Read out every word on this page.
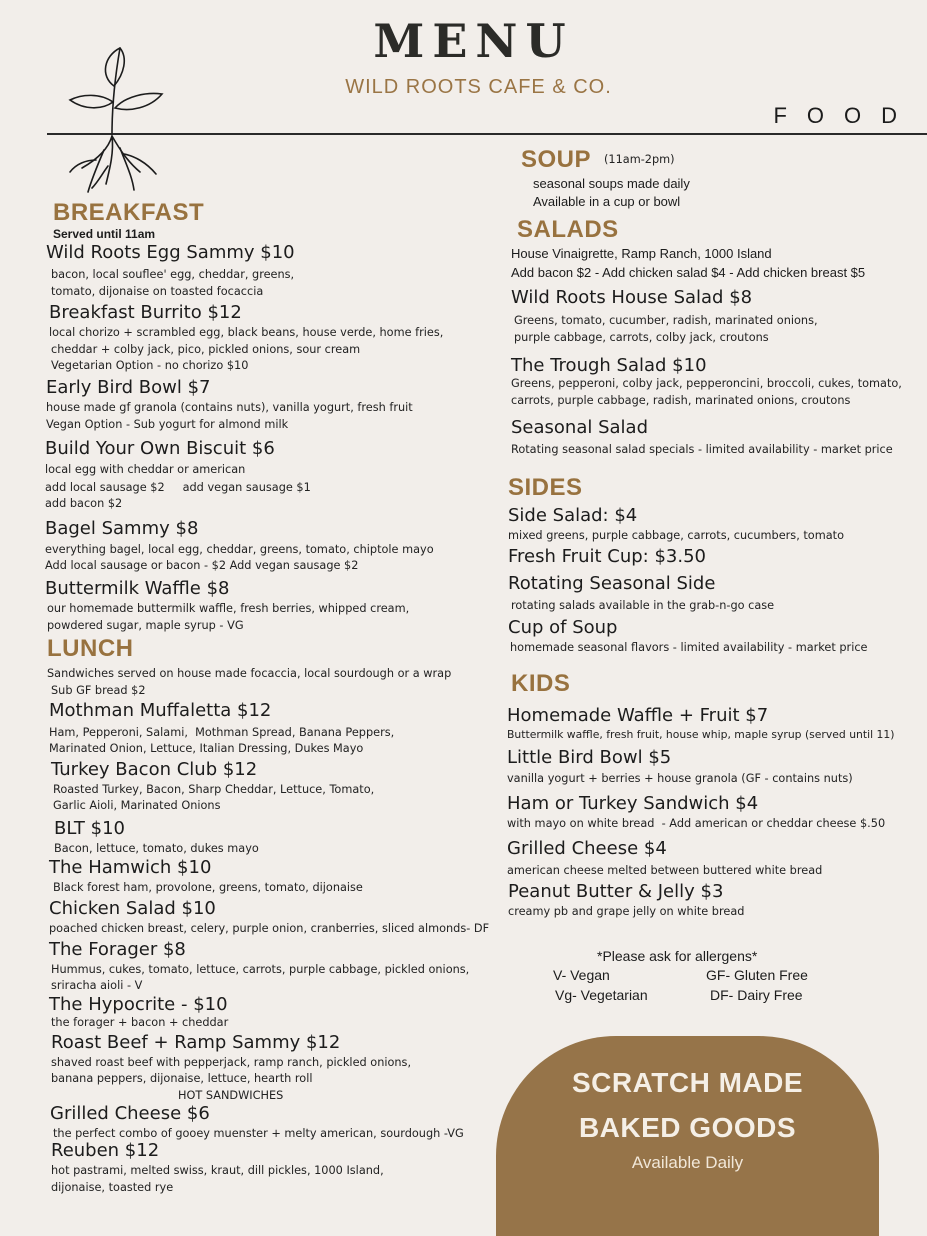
MENU
WILD ROOTS CAFE & CO.
FOOD
BREAKFAST
Served until 11am
Wild Roots Egg Sammy $10
bacon, local souflee' egg, cheddar, greens,
tomato, dijonaise on toasted focaccia
Breakfast Burrito $12
local chorizo + scrambled egg, black beans, house verde, home fries,
cheddar + colby jack, pico, pickled onions, sour cream
Vegetarian Option - no chorizo $10
Early Bird Bowl $7
house made gf granola (contains nuts), vanilla yogurt, fresh fruit
Vegan Option - Sub yogurt for almond milk
Build Your Own Biscuit $6
local egg with cheddar or american
add local sausage $2     add vegan sausage $1
add bacon $2
Bagel Sammy $8
everything bagel, local egg, cheddar, greens, tomato, chiptole mayo
Add local sausage or bacon - $2 Add vegan sausage $2
Buttermilk Waffle $8
our homemade buttermilk waffle, fresh berries, whipped cream,
powdered sugar, maple syrup - VG
LUNCH
Sandwiches served on house made focaccia, local sourdough or a wrap
Sub GF bread $2
Mothman Muffaletta $12
Ham, Pepperoni, Salami,  Mothman Spread, Banana Peppers,
Marinated Onion, Lettuce, Italian Dressing, Dukes Mayo
Turkey Bacon Club $12
Roasted Turkey, Bacon, Sharp Cheddar, Lettuce, Tomato,
Garlic Aioli, Marinated Onions
BLT $10
Bacon, lettuce, tomato, dukes mayo
The Hamwich $10
Black forest ham, provolone, greens, tomato, dijonaise
Chicken Salad $10
poached chicken breast, celery, purple onion, cranberries, sliced almonds- DF
The Forager $8
Hummus, cukes, tomato, lettuce, carrots, purple cabbage, pickled onions,
sriracha aioli - V
The Hypocrite - $10
the forager + bacon + cheddar
Roast Beef + Ramp Sammy $12
shaved roast beef with pepperjack, ramp ranch, pickled onions,
banana peppers, dijonaise, lettuce, hearth roll
HOT SANDWICHES
Grilled Cheese $6
the perfect combo of gooey muenster + melty american, sourdough -VG
Reuben $12
hot pastrami, melted swiss, kraut, dill pickles, 1000 Island,
dijonaise, toasted rye
SOUP (11am-2pm)
seasonal soups made daily
Available in a cup or bowl
SALADS
House Vinaigrette, Ramp Ranch, 1000 Island
Add bacon $2 - Add chicken salad $4 - Add chicken breast $5
Wild Roots House Salad $8
Greens, tomato, cucumber, radish, marinated onions,
purple cabbage, carrots, colby jack, croutons
The Trough Salad $10
Greens, pepperoni, colby jack, pepperoncini, broccoli, cukes, tomato,
carrots, purple cabbage, radish, marinated onions, croutons
Seasonal Salad
Rotating seasonal salad specials - limited availability - market price
SIDES
Side Salad: $4
mixed greens, purple cabbage, carrots, cucumbers, tomato
Fresh Fruit Cup: $3.50
Rotating Seasonal Side
rotating salads available in the grab-n-go case
Cup of Soup
homemade seasonal flavors - limited availability - market price
KIDS
Homemade Waffle + Fruit $7
Buttermilk waffle, fresh fruit, house whip, maple syrup (served until 11)
Little Bird Bowl $5
vanilla yogurt + berries + house granola (GF - contains nuts)
Ham or Turkey Sandwich $4
with mayo on white bread  - Add american or cheddar cheese $.50
Grilled Cheese $4
american cheese melted between buttered white bread
Peanut Butter & Jelly $3
creamy pb and grape jelly on white bread
*Please ask for allergens*
V- Vegan	GF- Gluten Free
Vg- Vegetarian	DF- Dairy Free
SCRATCH MADE
BAKED GOODS
Available Daily
